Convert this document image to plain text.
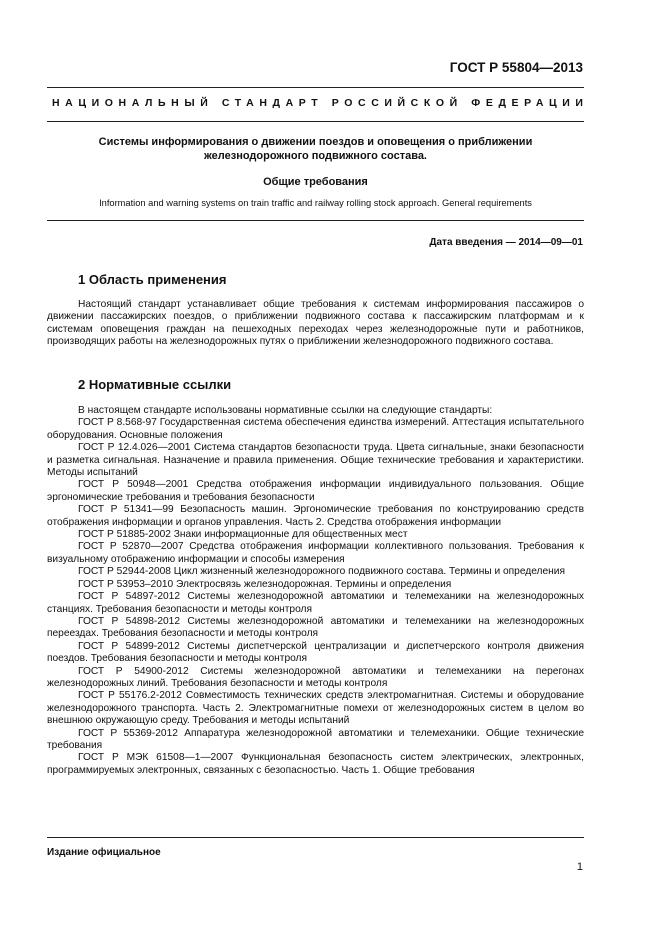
ГОСТ Р 55804—2013
НАЦИОНАЛЬНЫЙ СТАНДАРТ РОССИЙСКОЙ ФЕДЕРАЦИИ
Системы информирования о движении поездов и оповещения о приближении железнодорожного подвижного состава.
Общие требования
Information and warning systems on train traffic and railway rolling stock approach. General requirements
Дата введения — 2014—09—01
1 Область применения

Настоящий стандарт устанавливает общие требования к системам информирования пассажиров о движении пассажирских поездов, о приближении подвижного состава к пассажирским платформам и к системам оповещения граждан на пешеходных переходах через железнодорожные пути и работников, производящих работы на железнодорожных путях о приближении железнодорожного подвижного состава.

2 Нормативные ссылки

В настоящем стандарте использованы нормативные ссылки на следующие стандарты:

ГОСТ Р 8.568-97 Государственная система обеспечения единства измерений. Аттестация испытательного оборудования. Основные положения

ГОСТ Р 12.4.026—2001 Система стандартов безопасности труда. Цвета сигнальные, знаки безопасности и разметка сигнальная. Назначение и правила применения. Общие технические требования и характеристики. Методы испытаний

ГОСТ Р 50948—2001 Средства отображения информации индивидуального пользования. Общие эргономические требования и требования безопасности

ГОСТ Р 51341—99 Безопасность машин. Эргономические требования по конструированию средств отображения информации и органов управления. Часть 2. Средства отображения информации

ГОСТ Р 51885-2002 Знаки информационные для общественных мест

ГОСТ Р 52870—2007 Средства отображения информации коллективного пользования. Требования к визуальному отображению информации и способы измерения

ГОСТ Р 52944-2008 Цикл жизненный железнодорожного подвижного состава. Термины и определения

ГОСТ Р 53953–2010 Электросвязь железнодорожная. Термины и определения

ГОСТ Р 54897-2012 Системы железнодорожной автоматики и телемеханики на железнодорожных станциях. Требования безопасности и методы контроля

ГОСТ Р 54898-2012 Системы железнодорожной автоматики и телемеханики на железнодорожных переездах. Требования безопасности и методы контроля

ГОСТ Р 54899-2012 Системы диспетчерской централизации и диспетчерского контроля движения поездов. Требования безопасности и методы контроля

ГОСТ Р 54900-2012 Системы железнодорожной автоматики и телемеханики на перегонах железнодорожных линий. Требования безопасности и методы контроля

ГОСТ Р 55176.2-2012 Совместимость технических средств электромагнитная. Системы и оборудование железнодорожного транспорта. Часть 2. Электромагнитные помехи от железнодорожных систем в целом во внешнюю окружающую среду. Требования и методы испытаний

ГОСТ Р 55369-2012 Аппаратура железнодорожной автоматики и телемеханики. Общие технические требования

ГОСТ Р МЭК 61508—1—2007 Функциональная безопасность систем электрических, электронных, программируемых электронных, связанных с безопасностью. Часть 1. Общие требования

Издание официальное
1
